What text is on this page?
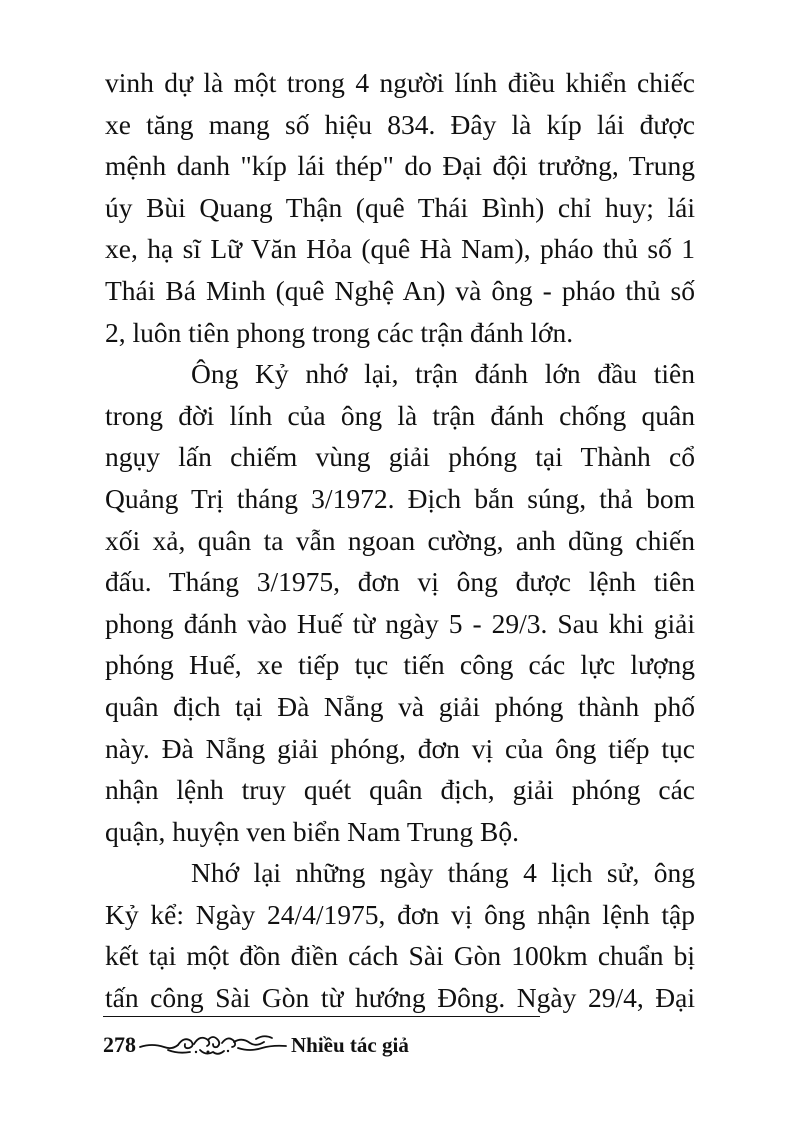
vinh dự là một trong 4 người lính điều khiển chiếc
xe tăng mang số hiệu 834. Đây là kíp lái được
mệnh danh "kíp lái thép" do Đại đội trưởng, Trung
úy Bùi Quang Thận (quê Thái Bình) chỉ huy; lái
xe, hạ sĩ Lữ Văn Hỏa (quê Hà Nam), pháo thủ số 1
Thái Bá Minh (quê Nghệ An) và ông - pháo thủ số
2, luôn tiên phong trong các trận đánh lớn.
Ông Kỷ nhớ lại, trận đánh lớn đầu tiên
trong đời lính của ông là trận đánh chống quân
ngụy lấn chiếm vùng giải phóng tại Thành cổ
Quảng Trị tháng 3/1972. Địch bắn súng, thả bom
xối xả, quân ta vẫn ngoan cường, anh dũng chiến
đấu. Tháng 3/1975, đơn vị ông được lệnh tiên
phong đánh vào Huế từ ngày 5 - 29/3. Sau khi giải
phóng Huế, xe tiếp tục tiến công các lực lượng
quân địch tại Đà Nẵng và giải phóng thành phố
này. Đà Nẵng giải phóng, đơn vị của ông tiếp tục
nhận lệnh truy quét quân địch, giải phóng các
quận, huyện ven biển Nam Trung Bộ.
Nhớ lại những ngày tháng 4 lịch sử, ông
Kỷ kể: Ngày 24/4/1975, đơn vị ông nhận lệnh tập
kết tại một đồn điền cách Sài Gòn 100km chuẩn bị
tấn công Sài Gòn từ hướng Đông. Ngày 29/4, Đại
278	Nhiều tác giả
